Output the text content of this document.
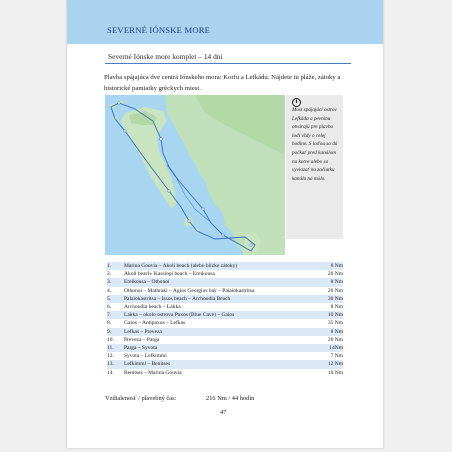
SEVERNÉ IÓNSKE MORE
Severné Iónske more komplet – 14 dní
Plavba spájajúca dve centrá Iónskeho mora: Korfu a Lefkádu. Nájdete tu pláže, zátoky a historické pamiatky gréckych miest.
i
Most spájajúci ostrov Lefkáda a pevninu otvárajú pre plavbu lodí vždy o celej hodine. S loďou sa dá počkať pred kanálom na kotve alebo sa vyviazať na začiatku kanálu na mólo.
1.	Marina Gouvia – Akoli beach (alebo blízke zátoky)	8 Nm
2.	Akoli beach- Kassiopi beach – Ereikousa	20 Nm
3.	Ereikousa – Othonoi	8 Nm
4.	Othonoi – Mathraki – Agios Georgios bay – Palaiokastritsa	20 Nm
5.	Palaiokastritsa – Issos beach – Archoudia Beach	30 Nm
6.	Archoudia beach – Lakka	8 Nm
7.	Lakka – okolo ostrova Paxos (Blue Cave) – Gaios	10 Nm
8.	Gaios – Antipaxos – Lefkas	35 Nm
9.	Lefkas – Preveza	8 Nm
10.	Preveza – Parga	26 Nm
11.	Parga – Syvota	14Nm
12.	Syvota – Lefkimmi	7 Nm
13.	Lefkimmi – Benitses	12 Nm
14.	Benitses – Marina Gouvia	10 Nm
Vzdialenosť / plavebný čas:	216 Nm / 44 hodín
47
